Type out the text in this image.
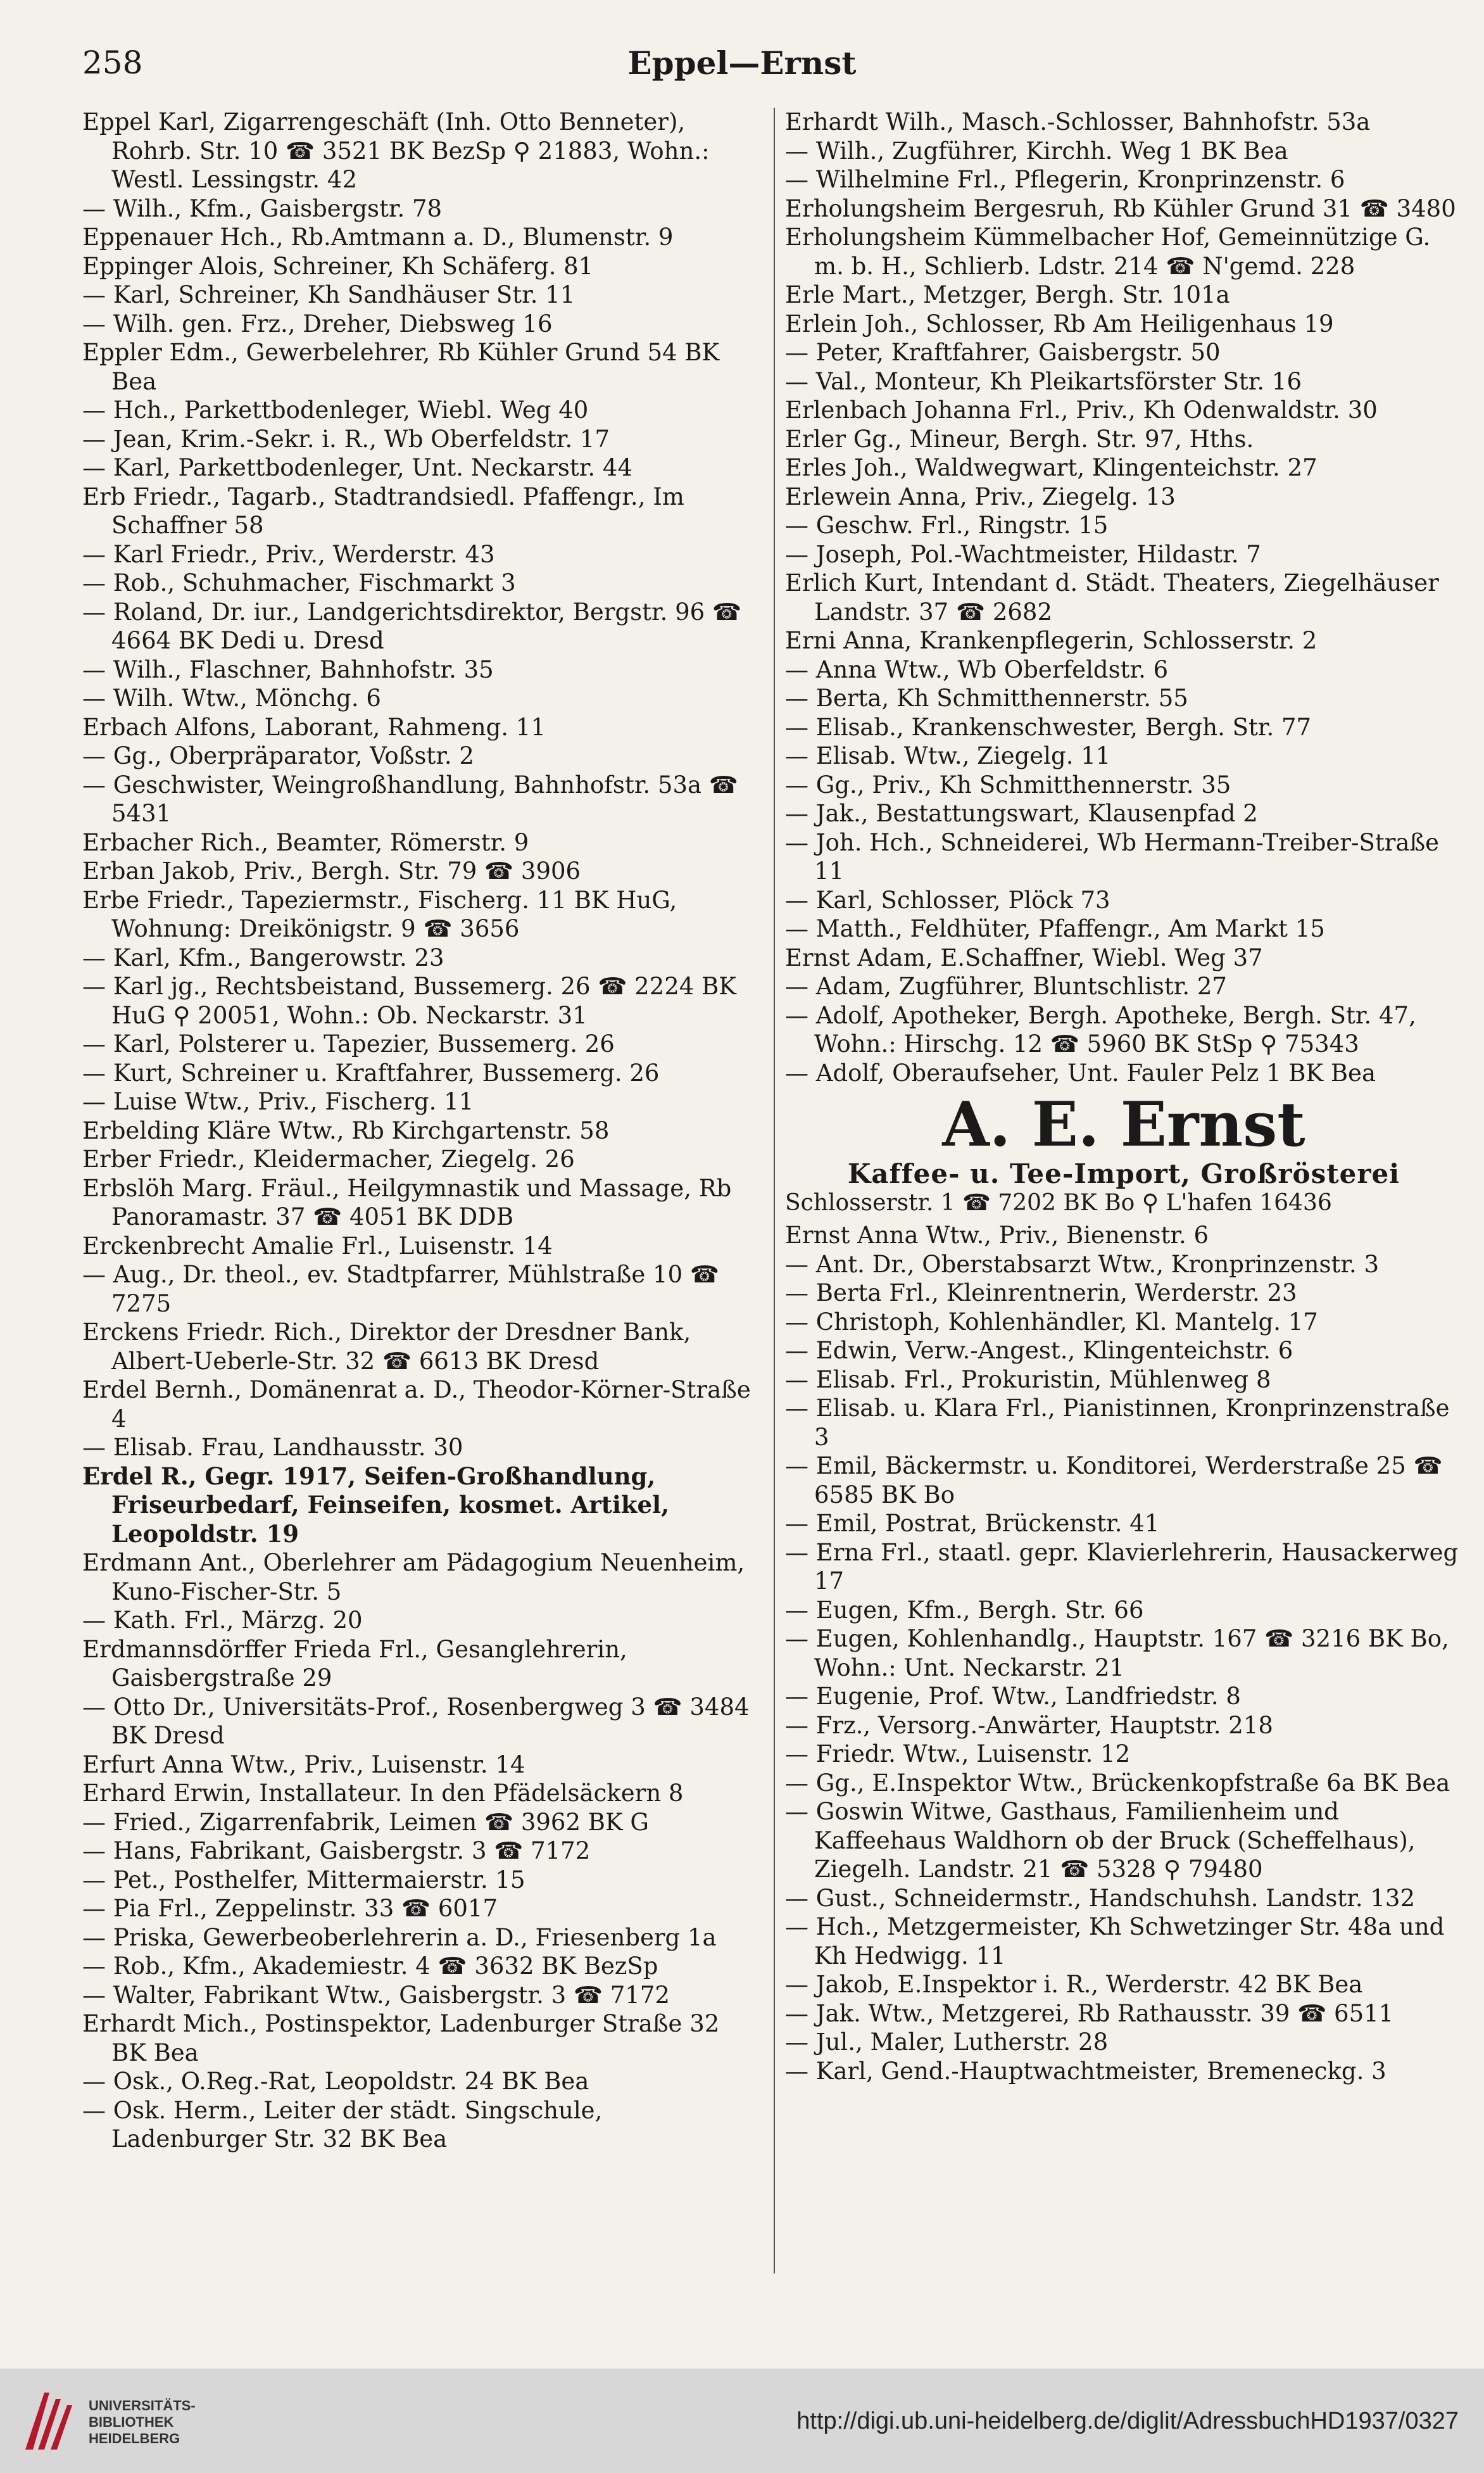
258	Eppel—Ernst
Eppel Karl, Zigarrengeschäft (Inh. Otto Benneter), Rohrb. Str. 10 ☎ 3521 BK BezSp ⚲ 21883, Wohn.: Westl. Lessingstr. 42
— Wilh., Kfm., Gaisbergstr. 78
Eppenauer Hch., Rb.Amtmann a. D., Blumenstr. 9
Eppinger Alois, Schreiner, Kh Schäferg. 81
— Karl, Schreiner, Kh Sandhäuser Str. 11
— Wilh. gen. Frz., Dreher, Diebsweg 16
Eppler Edm., Gewerbelehrer, Rb Kühler Grund 54 BK Bea
— Hch., Parkettbodenleger, Wiebl. Weg 40
— Jean, Krim.-Sekr. i. R., Wb Oberfeldstr. 17
— Karl, Parkettbodenleger, Unt. Neckarstr. 44
Erb Friedr., Tagarb., Stadtrandsiedl. Pfaffengr., Im Schaffner 58
— Karl Friedr., Priv., Werderstr. 43
— Rob., Schuhmacher, Fischmarkt 3
— Roland, Dr. iur., Landgerichtsdirektor, Bergstr. 96 ☎ 4664 BK Dedi u. Dresd
— Wilh., Flaschner, Bahnhofstr. 35
— Wilh. Wtw., Mönchg. 6
Erbach Alfons, Laborant, Rahmeng. 11
— Gg., Oberpräparator, Voßstr. 2
— Geschwister, Weingroßhandlung, Bahnhofstr. 53a ☎ 5431
Erbacher Rich., Beamter, Römerstr. 9
Erban Jakob, Priv., Bergh. Str. 79 ☎ 3906
Erbe Friedr., Tapeziermstr., Fischerg. 11 BK HuG, Wohnung: Dreikönigstr. 9 ☎ 3656
— Karl, Kfm., Bangerowstr. 23
— Karl jg., Rechtsbeistand, Bussemerg. 26 ☎ 2224 BK HuG ⚲ 20051, Wohn.: Ob. Neckarstr. 31
— Karl, Polsterer u. Tapezier, Bussemerg. 26
— Kurt, Schreiner u. Kraftfahrer, Bussemerg. 26
— Luise Wtw., Priv., Fischerg. 11
Erbelding Kläre Wtw., Rb Kirchgartenstr. 58
Erber Friedr., Kleidermacher, Ziegelg. 26
Erbslöh Marg. Fräul., Heilgymnastik und Massage, Rb Panoramastr. 37 ☎ 4051 BK DDB
Erckenbrecht Amalie Frl., Luisenstr. 14
— Aug., Dr. theol., ev. Stadtpfarrer, Mühlstraße 10 ☎ 7275
Erckens Friedr. Rich., Direktor der Dresdner Bank, Albert-Ueberle-Str. 32 ☎ 6613 BK Dresd
Erdel Bernh., Domänenrat a. D., Theodor-Körner-Straße 4
— Elisab. Frau, Landhausstr. 30
Erdel R., Gegr. 1917, Seifen-Großhandlung, Friseurbedarf, Feinseifen, kosmet. Artikel, Leopoldstr. 19
Erdmann Ant., Oberlehrer am Pädagogium Neuenheim, Kuno-Fischer-Str. 5
— Kath. Frl., Märzg. 20
Erdmannsdörffer Frieda Frl., Gesanglehrerin, Gaisbergstraße 29
— Otto Dr., Universitäts-Prof., Rosenbergweg 3 ☎ 3484 BK Dresd
Erfurt Anna Wtw., Priv., Luisenstr. 14
Erhard Erwin, Installateur. In den Pfädelsäckern 8
— Fried., Zigarrenfabrik, Leimen ☎ 3962 BK G
— Hans, Fabrikant, Gaisbergstr. 3 ☎ 7172
— Pet., Posthelfer, Mittermaierstr. 15
— Pia Frl., Zeppelinstr. 33 ☎ 6017
— Priska, Gewerbeoberlehrerin a. D., Friesenberg 1a
— Rob., Kfm., Akademiestr. 4 ☎ 3632 BK BezSp
— Walter, Fabrikant Wtw., Gaisbergstr. 3 ☎ 7172
Erhardt Mich., Postinspektor, Ladenburger Straße 32 BK Bea
— Osk., O.Reg.-Rat, Leopoldstr. 24 BK Bea
— Osk. Herm., Leiter der städt. Singschule, Ladenburger Str. 32 BK Bea
Erhardt Wilh., Masch.-Schlosser, Bahnhofstr. 53a
— Wilh., Zugführer, Kirchh. Weg 1 BK Bea
— Wilhelmine Frl., Pflegerin, Kronprinzenstr. 6
Erholungsheim Bergesruh, Rb Kühler Grund 31 ☎ 3480
Erholungsheim Kümmelbacher Hof, Gemeinnützige G. m. b. H., Schlierb. Ldstr. 214 ☎ N'gemd. 228
Erle Mart., Metzger, Bergh. Str. 101a
Erlein Joh., Schlosser, Rb Am Heiligenhaus 19
— Peter, Kraftfahrer, Gaisbergstr. 50
— Val., Monteur, Kh Pleikartsförster Str. 16
Erlenbach Johanna Frl., Priv., Kh Odenwaldstr. 30
Erler Gg., Mineur, Bergh. Str. 97, Hths.
Erles Joh., Waldwegwart, Klingenteichstr. 27
Erlewein Anna, Priv., Ziegelg. 13
— Geschw. Frl., Ringstr. 15
— Joseph, Pol.-Wachtmeister, Hildastr. 7
Erlich Kurt, Intendant d. Städt. Theaters, Ziegelhäuser Landstr. 37 ☎ 2682
Erni Anna, Krankenpflegerin, Schlosserstr. 2
— Anna Wtw., Wb Oberfeldstr. 6
— Berta, Kh Schmitthennerstr. 55
— Elisab., Krankenschwester, Bergh. Str. 77
— Elisab. Wtw., Ziegelg. 11
— Gg., Priv., Kh Schmitthennerstr. 35
— Jak., Bestattungswart, Klausenpfad 2
— Joh. Hch., Schneiderei, Wb Hermann-Treiber-Straße 11
— Karl, Schlosser, Plöck 73
— Matth., Feldhüter, Pfaffengr., Am Markt 15
Ernst Adam, E.Schaffner, Wiebl. Weg 37
— Adam, Zugführer, Bluntschlistr. 27
— Adolf, Apotheker, Bergh. Apotheke, Bergh. Str. 47, Wohn.: Hirschg. 12 ☎ 5960 BK StSp ⚲ 75343
— Adolf, Oberaufseher, Unt. Fauler Pelz 1 BK Bea
A. E. Ernst
Kaffee- u. Tee-Import, Großrösterei
Schlosserstr. 1 ☎ 7202 BK Bo ⚲ L'hafen 16436
Ernst Anna Wtw., Priv., Bienenstr. 6
— Ant. Dr., Oberstabsarzt Wtw., Kronprinzenstr. 3
— Berta Frl., Kleinrentnerin, Werderstr. 23
— Christoph, Kohlenhändler, Kl. Mantelg. 17
— Edwin, Verw.-Angest., Klingenteichstr. 6
— Elisab. Frl., Prokuristin, Mühlenweg 8
— Elisab. u. Klara Frl., Pianistinnen, Kronprinzenstraße 3
— Emil, Bäckermstr. u. Konditorei, Werderstraße 25 ☎ 6585 BK Bo
— Emil, Postrat, Brückenstr. 41
— Erna Frl., staatl. gepr. Klavierlehrerin, Hausackerweg 17
— Eugen, Kfm., Bergh. Str. 66
— Eugen, Kohlenhandlg., Hauptstr. 167 ☎ 3216 BK Bo, Wohn.: Unt. Neckarstr. 21
— Eugenie, Prof. Wtw., Landfriedstr. 8
— Frz., Versorg.-Anwärter, Hauptstr. 218
— Friedr. Wtw., Luisenstr. 12
— Gg., E.Inspektor Wtw., Brückenkopfstraße 6a BK Bea
— Goswin Witwe, Gasthaus, Familienheim und Kaffeehaus Waldhorn ob der Bruck (Scheffelhaus), Ziegelh. Landstr. 21 ☎ 5328 ⚲ 79480
— Gust., Schneidermstr., Handschuhsh. Landstr. 132
— Hch., Metzgermeister, Kh Schwetzinger Str. 48a und Kh Hedwigg. 11
— Jakob, E.Inspektor i. R., Werderstr. 42 BK Bea
— Jak. Wtw., Metzgerei, Rb Rathausstr. 39 ☎ 6511
— Jul., Maler, Lutherstr. 28
— Karl, Gend.-Hauptwachtmeister, Bremeneckg. 3
UNIVERSITÄTS-
BIBLIOTHEK
HEIDELBERG
http://digi.ub.uni-heidelberg.de/diglit/AdressbuchHD1937/0327
